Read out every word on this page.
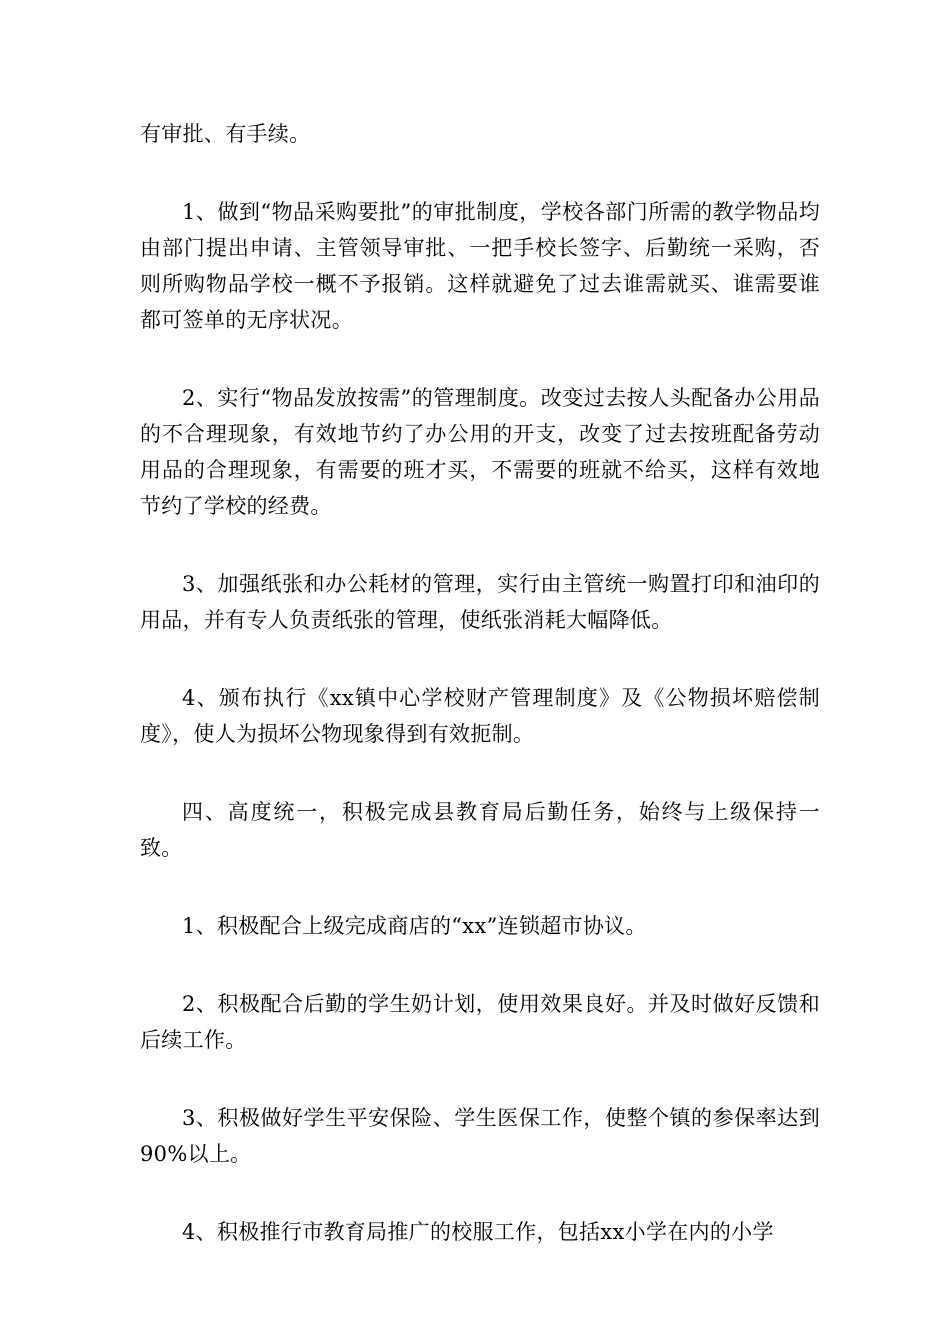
有审批、有手续。

1、做到“物品采购要批”的审批制度，学校各部门所需的教学物品均由部门提出申请、主管领导审批、一把手校长签字、后勤统一采购，否则所购物品学校一概不予报销。这样就避免了过去谁需就买、谁需要谁都可签单的无序状况。

2、实行“物品发放按需”的管理制度。改变过去按人头配备办公用品的不合理现象，有效地节约了办公用的开支，改变了过去按班配备劳动用品的合理现象，有需要的班才买，不需要的班就不给买，这样有效地节约了学校的经费。

3、加强纸张和办公耗材的管理，实行由主管统一购置打印和油印的用品，并有专人负责纸张的管理，使纸张消耗大幅降低。

4、颁布执行《xx镇中心学校财产管理制度》及《公物损坏赔偿制度》，使人为损坏公物现象得到有效扼制。

四、高度统一，积极完成县教育局后勤任务，始终与上级保持一致。

1、积极配合上级完成商店的“xx”连锁超市协议。

2、积极配合后勤的学生奶计划，使用效果良好。并及时做好反馈和后续工作。

3、积极做好学生平安保险、学生医保工作，使整个镇的参保率达到90%以上。

4、积极推行市教育局推广的校服工作，包括xx小学在内的小学
